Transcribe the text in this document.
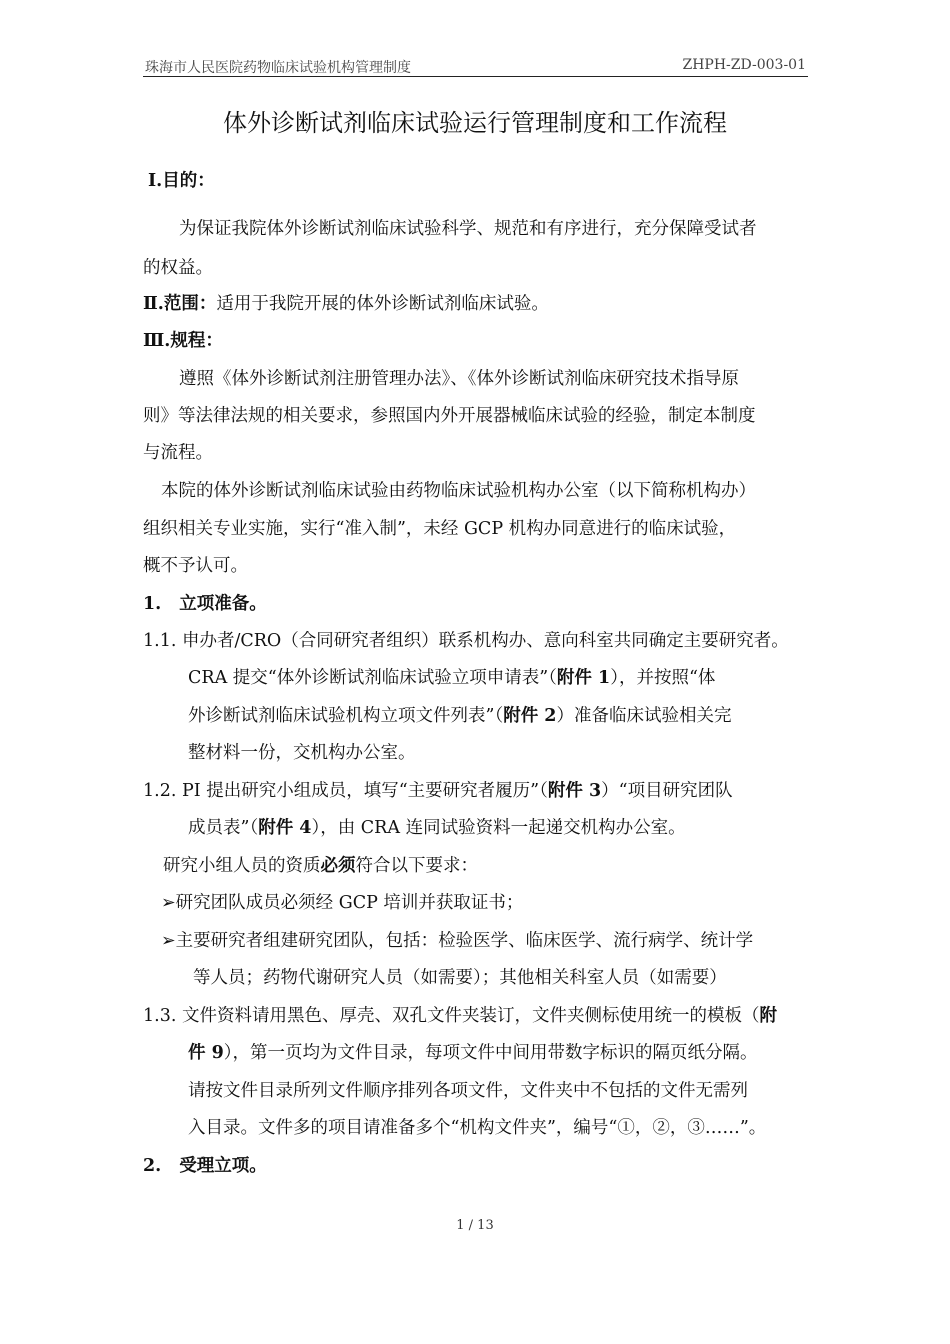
珠海市人民医院药物临床试验机构管理制度	ZHPH-ZD-003-01
体外诊断试剂临床试验运行管理制度和工作流程
Ⅰ.目的：
为保证我院体外诊断试剂临床试验科学、规范和有序进行，充分保障受试者
的权益。
Ⅱ.范围：适用于我院开展的体外诊断试剂临床试验。
Ⅲ.规程：
遵照《体外诊断试剂注册管理办法》、《体外诊断试剂临床研究技术指导原
则》等法律法规的相关要求，参照国内外开展器械临床试验的经验，制定本制度
与流程。
本院的体外诊断试剂临床试验由药物临床试验机构办公室（以下简称机构办）
组织相关专业实施，实行“准入制”，未经 GCP 机构办同意进行的临床试验，
概不予认可。
1. 立项准备。
1.1. 申办者/CRO（合同研究者组织）联系机构办、意向科室共同确定主要研究者。
CRA 提交“体外诊断试剂临床试验立项申请表”（附件 1），并按照“体
外诊断试剂临床试验机构立项文件列表”（附件 2）准备临床试验相关完
整材料一份，交机构办公室。
1.2. PI 提出研究小组成员，填写“主要研究者履历”（附件 3）“项目研究团队
成员表”（附件 4），由 CRA 连同试验资料一起递交机构办公室。
研究小组人员的资质必须符合以下要求：
➢研究团队成员必须经 GCP 培训并获取证书；
➢主要研究者组建研究团队，包括：检验医学、临床医学、流行病学、统计学
等人员；药物代谢研究人员（如需要）；其他相关科室人员（如需要）
1.3. 文件资料请用黑色、厚壳、双孔文件夹装订，文件夹侧标使用统一的模板（附
件 9），第一页均为文件目录，每项文件中间用带数字标识的隔页纸分隔。
请按文件目录所列文件顺序排列各项文件，文件夹中不包括的文件无需列
入目录。文件多的项目请准备多个“机构文件夹”，编号“①，②，③……”。
2. 受理立项。
1 / 13
